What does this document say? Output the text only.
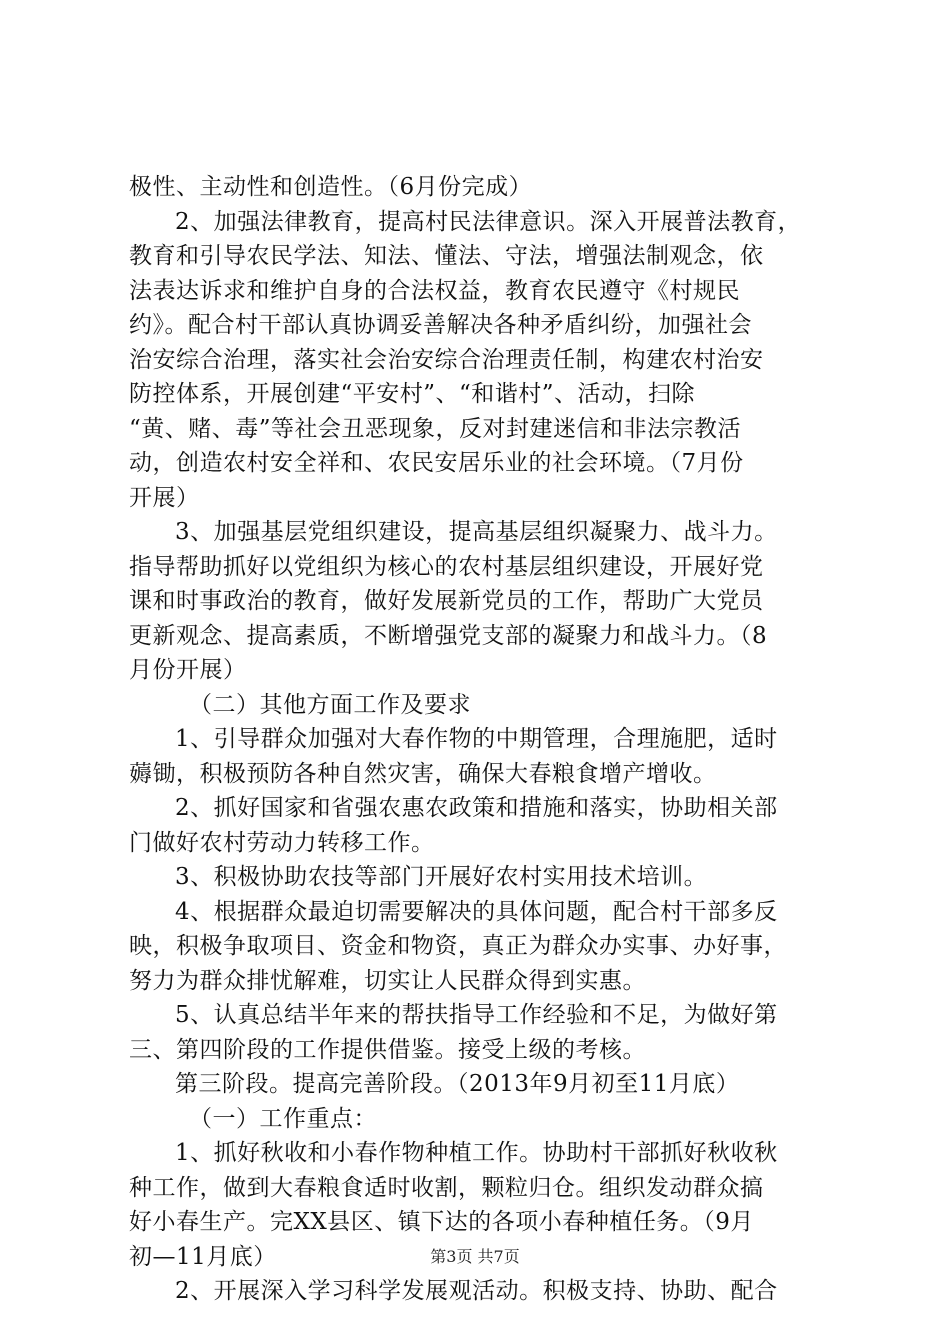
极性、主动性和创造性。（6月份完成）
2、加强法律教育，提高村民法律意识。深入开展普法教育，
教育和引导农民学法、知法、懂法、守法，增强法制观念，依
法表达诉求和维护自身的合法权益，教育农民遵守《村规民
约》。配合村干部认真协调妥善解决各种矛盾纠纷，加强社会
治安综合治理，落实社会治安综合治理责任制，构建农村治安
防控体系，开展创建“平安村”、“和谐村”、活动，扫除
“黄、赌、毒”等社会丑恶现象，反对封建迷信和非法宗教活
动，创造农村安全祥和、农民安居乐业的社会环境。（7月份
开展）
3、加强基层党组织建设，提高基层组织凝聚力、战斗力。
指导帮助抓好以党组织为核心的农村基层组织建设，开展好党
课和时事政治的教育，做好发展新党员的工作，帮助广大党员
更新观念、提高素质，不断增强党支部的凝聚力和战斗力。（8
月份开展）
（二）其他方面工作及要求
1、引导群众加强对大春作物的中期管理，合理施肥，适时
薅锄，积极预防各种自然灾害，确保大春粮食增产增收。
2、抓好国家和省强农惠农政策和措施和落实，协助相关部
门做好农村劳动力转移工作。
3、积极协助农技等部门开展好农村实用技术培训。
4、根据群众最迫切需要解决的具体问题，配合村干部多反
映，积极争取项目、资金和物资，真正为群众办实事、办好事，
努力为群众排忧解难，切实让人民群众得到实惠。
5、认真总结半年来的帮扶指导工作经验和不足，为做好第
三、第四阶段的工作提供借鉴。接受上级的考核。
第三阶段。提高完善阶段。（2013年9月初至11月底）
（一）工作重点：
1、抓好秋收和小春作物种植工作。协助村干部抓好秋收秋
种工作，做到大春粮食适时收割，颗粒归仓。组织发动群众搞
好小春生产。完XX县区、镇下达的各项小春种植任务。（9月
初—11月底）
2、开展深入学习科学发展观活动。积极支持、协助、配合
第3页 共7页
